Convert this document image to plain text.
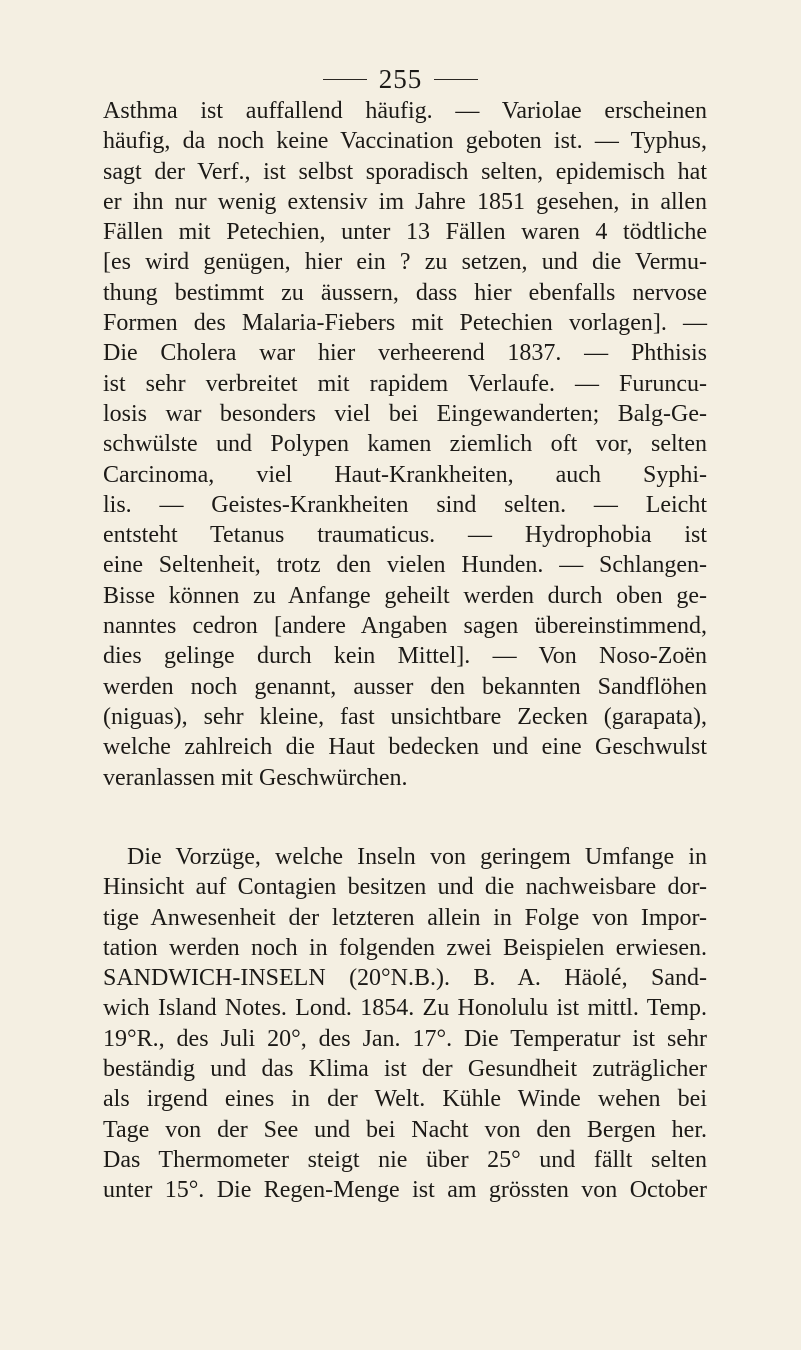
255
Asthma ist auffallend häufig. — Variolae erscheinen
häufig, da noch keine Vaccination geboten ist. — Typhus,
sagt der Verf., ist selbst sporadisch selten, epidemisch hat
er ihn nur wenig extensiv im Jahre 1851 gesehen, in allen
Fällen mit Petechien, unter 13 Fällen waren 4 tödtliche
[es wird genügen, hier ein ? zu setzen, und die Vermu-
thung bestimmt zu äussern, dass hier ebenfalls nervose
Formen des Malaria-Fiebers mit Petechien vorlagen]. —
Die Cholera war hier verheerend 1837. — Phthisis
ist sehr verbreitet mit rapidem Verlaufe. — Furuncu-
losis war besonders viel bei Eingewanderten; Balg-Ge-
schwülste und Polypen kamen ziemlich oft vor, selten
Carcinoma, viel Haut-Krankheiten, auch Syphi-
lis. — Geistes-Krankheiten sind selten. — Leicht
entsteht Tetanus traumaticus. — Hydrophobia ist
eine Seltenheit, trotz den vielen Hunden. — Schlangen-
Bisse können zu Anfange geheilt werden durch oben ge-
nanntes cedron [andere Angaben sagen übereinstimmend,
dies gelinge durch kein Mittel]. — Von Noso-Zoën
werden noch genannt, ausser den bekannten Sandflöhen
(niguas), sehr kleine, fast unsichtbare Zecken (garapata),
welche zahlreich die Haut bedecken und eine Geschwulst
veranlassen mit Geschwürchen.
Die Vorzüge, welche Inseln von geringem Umfange in
Hinsicht auf Contagien besitzen und die nachweisbare dor-
tige Anwesenheit der letzteren allein in Folge von Impor-
tation werden noch in folgenden zwei Beispielen erwiesen.
SANDWICH-INSELN (20°N.B.). B. A. Häolé, Sand-
wich Island Notes. Lond. 1854. Zu Honolulu ist mittl. Temp.
19°R., des Juli 20°, des Jan. 17°. Die Temperatur ist sehr
beständig und das Klima ist der Gesundheit zuträglicher
als irgend eines in der Welt. Kühle Winde wehen bei
Tage von der See und bei Nacht von den Bergen her.
Das Thermometer steigt nie über 25° und fällt selten
unter 15°. Die Regen-Menge ist am grössten von October
